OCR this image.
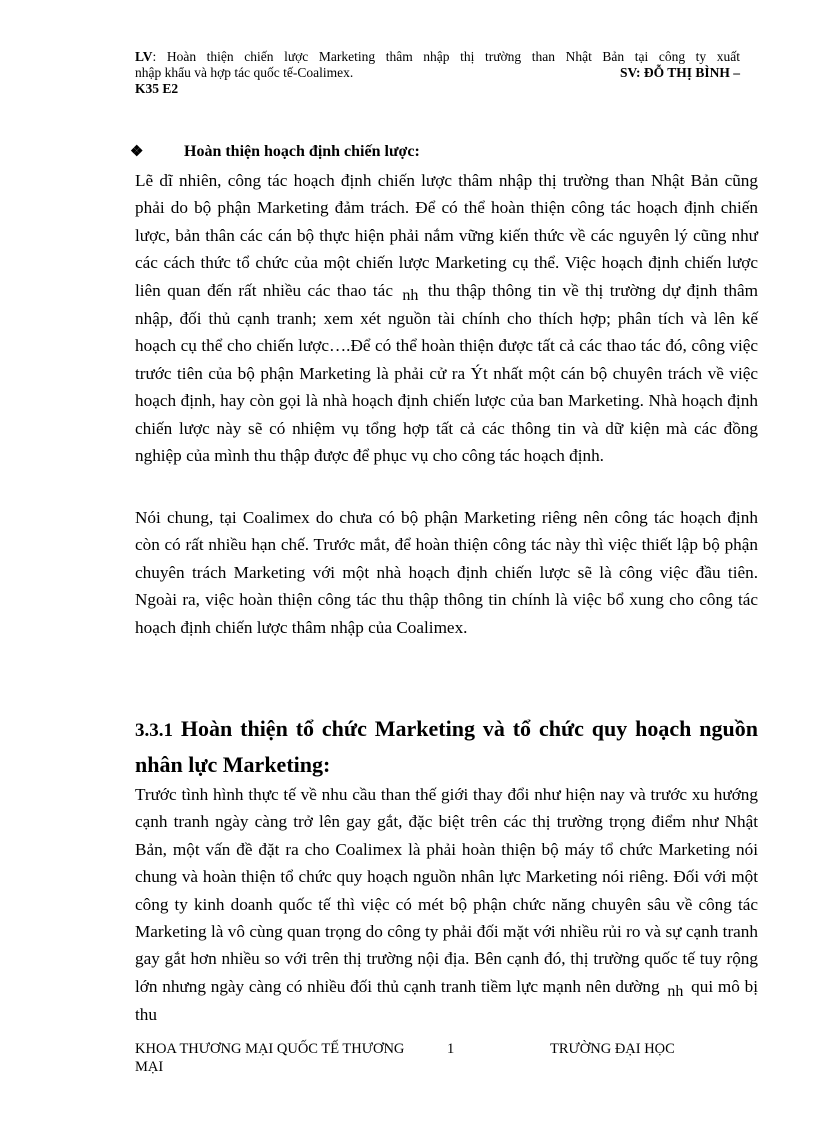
LV: Hoàn thiện chiến lược Marketing thâm nhập thị trường than Nhật Bản tại công ty xuất
nhập khẩu và hợp tác quốc tế-Coalimex.	SV: ĐỖ THỊ BÌNH –
K35 E2
❖	Hoàn thiện hoạch định chiến lược:

Lẽ dĩ nhiên, công tác hoạch định chiến lược thâm nhập thị trường than Nhật Bản cũng phải do bộ phận Marketing đảm trách. Để có thể hoàn thiện công tác hoạch định chiến lược, bản thân các cán bộ thực hiện phải nắm vững kiến thức về các nguyên lý cũng như các cách thức tổ chức của một chiến lược Marketing cụ thể. Việc hoạch định chiến lược liên quan đến rất nhiều các thao tác nh thu thập thông tin về thị trường dự định thâm nhập, đối thủ cạnh tranh; xem xét nguồn tài chính cho thích hợp; phân tích và lên kế hoạch cụ thể cho chiến lược….Để có thể hoàn thiện được tất cả các thao tác đó, công việc trước tiên của bộ phận Marketing là phải cử ra Ýt nhất một cán bộ chuyên trách về việc hoạch định, hay còn gọi là nhà hoạch định chiến lược của ban Marketing. Nhà hoạch định chiến lược này sẽ có nhiệm vụ tổng hợp tất cả các thông tin và dữ kiện mà các đồng nghiệp của mình thu thập được để phục vụ cho công tác hoạch định.

Nói chung, tại Coalimex do chưa có bộ phận Marketing riêng nên công tác hoạch định còn có rất nhiều hạn chế. Trước mắt, để hoàn thiện công tác này thì việc thiết lập bộ phận chuyên trách Marketing với một nhà hoạch định chiến lược sẽ là công việc đầu tiên. Ngoài ra, việc hoàn thiện công tác thu thập thông tin chính là việc bổ xung cho công tác hoạch định chiến lược thâm nhập của Coalimex.

3.3.1 Hoàn thiện tổ chức Marketing và tổ chức quy hoạch nguồn nhân lực Marketing:

Trước tình hình thực tế về nhu cầu than thế giới thay đổi như hiện nay và trước xu hướng cạnh tranh ngày càng trở lên gay gắt, đặc biệt trên các thị trường trọng điểm như Nhật Bản, một vấn đề đặt ra cho Coalimex là phải hoàn thiện bộ máy tổ chức Marketing nói chung và hoàn thiện tổ chức quy hoạch nguồn nhân lực Marketing nói riêng. Đối với một công ty kinh doanh quốc tế thì việc có mét bộ phận chức năng chuyên sâu về công tác Marketing là vô cùng quan trọng do công ty phải đối mặt với nhiều rủi ro và sự cạnh tranh gay gắt hơn nhiều so với trên thị trường nội địa. Bên cạnh đó, thị trường quốc tế tuy rộng lớn nhưng ngày càng có nhiều đối thủ cạnh tranh tiềm lực mạnh nên dường nh qui mô bị thu

KHOA THƯƠNG MẠI QUỐC TẾ THƯƠNG MẠI
1	TRƯỜNG ĐẠI HỌC
